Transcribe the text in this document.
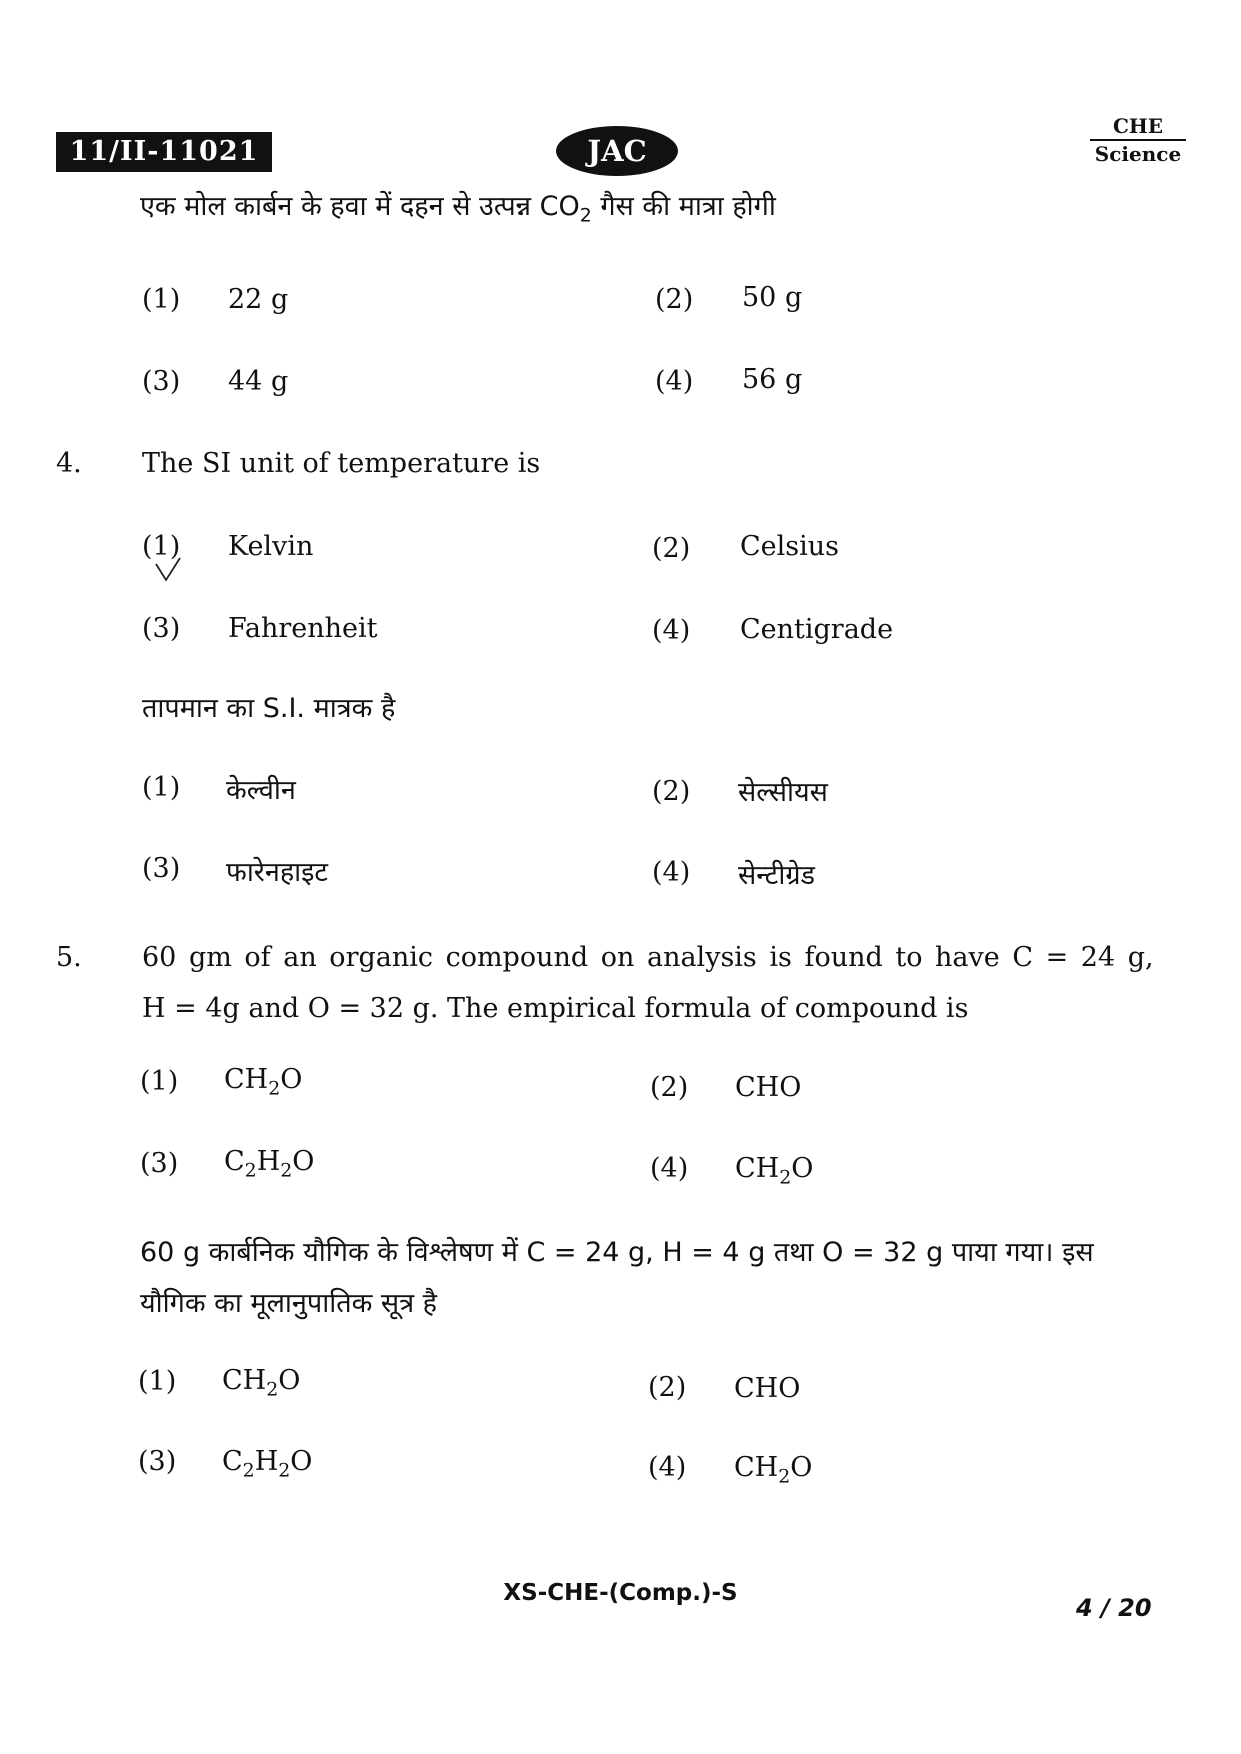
11/II-11021	JAC
CHE
Science
एक मोल कार्बन के हवा में दहन से उत्पन्न $CO_2$ गैस की मात्रा होगी
(1) 22 g	(2) 50 g
(3) 44 g	(4) 56 g
4. The SI unit of temperature is
(1) Kelvin	(2) Celsius
(3) Fahrenheit	(4) Centigrade
तापमान का S.I. मात्रक है
(1) केल्वीन	(2) सेल्सीयस
(3) फारेनहाइट	(4) सेन्टीग्रेड
5. 60 gm of an organic compound on analysis is found to have C = 24 g,
H = 4g and O = 32 g. The empirical formula of compound is
(1) $CH_2O$	(2) CHO
(3) $C_2H_2O$	(4) $CH_2O$
60 g कार्बनिक यौगिक के विश्लेषण में C = 24 g, H = 4 g तथा O = 32 g पाया गया। इस
यौगिक का मूलानुपातिक सूत्र है
(1) $CH_2O$	(2) CHO
(3) $C_2H_2O$	(4) $CH_2O$
XS-CHE-(Comp.)-S
4 / 20
